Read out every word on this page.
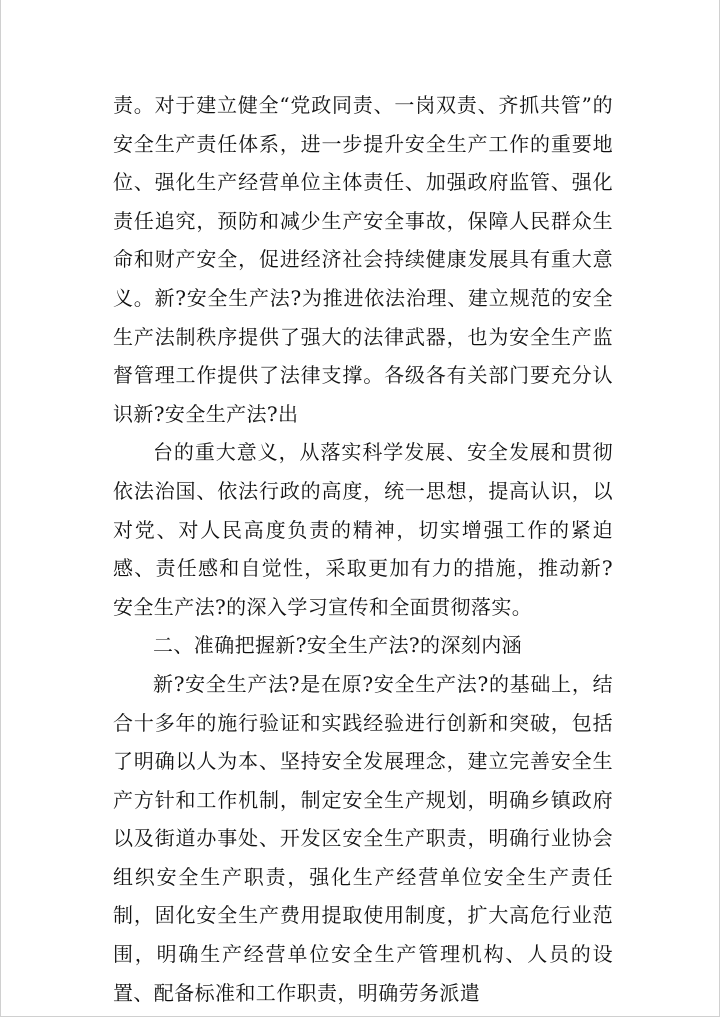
责。对于建立健全“党政同责、一岗双责、齐抓共管”的安全生产责任体系，进一步提升安全生产工作的重要地位、强化生产经营单位主体责任、加强政府监管、强化责任追究，预防和减少生产安全事故，保障人民群众生命和财产安全，促进经济社会持续健康发展具有重大意义。新?安全生产法?为推进依法治理、建立规范的安全生产法制秩序提供了强大的法律武器，也为安全生产监督管理工作提供了法律支撑。各级各有关部门要充分认识新?安全生产法?出

台的重大意义，从落实科学发展、安全发展和贯彻依法治国、依法行政的高度，统一思想，提高认识，以对党、对人民高度负责的精神，切实增强工作的紧迫感、责任感和自觉性，采取更加有力的措施，推动新?安全生产法?的深入学习宣传和全面贯彻落实。

二、准确把握新?安全生产法?的深刻内涵

新?安全生产法?是在原?安全生产法?的基础上，结合十多年的施行验证和实践经验进行创新和突破，包括了明确以人为本、坚持安全发展理念，建立完善安全生产方针和工作机制，制定安全生产规划，明确乡镇政府以及街道办事处、开发区安全生产职责，明确行业协会组织安全生产职责，强化生产经营单位安全生产责任制，固化安全生产费用提取使用制度，扩大高危行业范围，明确生产经营单位安全生产管理机构、人员的设置、配备标准和工作职责，明确劳务派遣
